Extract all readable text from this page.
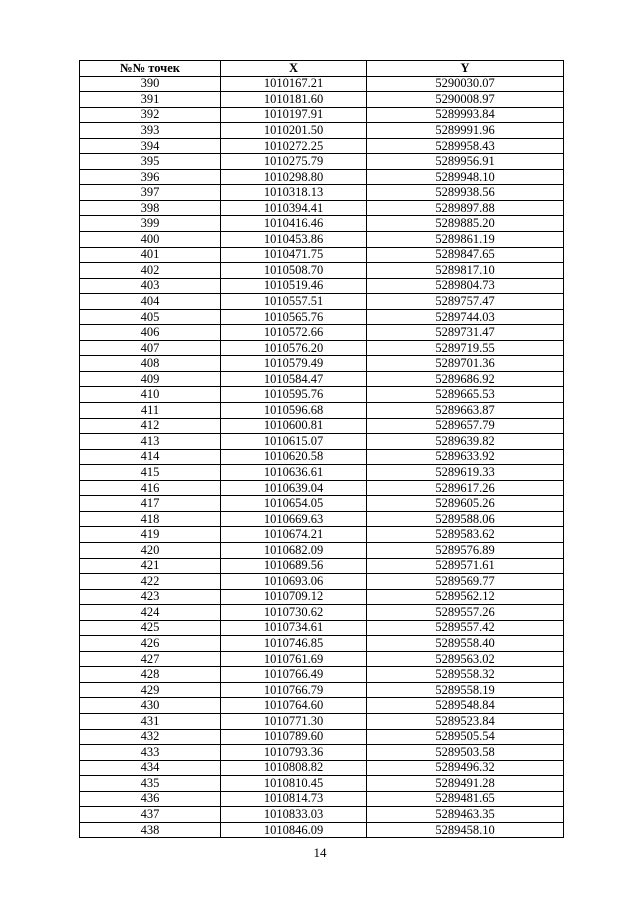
№№ точек	X	Y
390	1010167.21	5290030.07
391	1010181.60	5290008.97
392	1010197.91	5289993.84
393	1010201.50	5289991.96
394	1010272.25	5289958.43
395	1010275.79	5289956.91
396	1010298.80	5289948.10
397	1010318.13	5289938.56
398	1010394.41	5289897.88
399	1010416.46	5289885.20
400	1010453.86	5289861.19
401	1010471.75	5289847.65
402	1010508.70	5289817.10
403	1010519.46	5289804.73
404	1010557.51	5289757.47
405	1010565.76	5289744.03
406	1010572.66	5289731.47
407	1010576.20	5289719.55
408	1010579.49	5289701.36
409	1010584.47	5289686.92
410	1010595.76	5289665.53
411	1010596.68	5289663.87
412	1010600.81	5289657.79
413	1010615.07	5289639.82
414	1010620.58	5289633.92
415	1010636.61	5289619.33
416	1010639.04	5289617.26
417	1010654.05	5289605.26
418	1010669.63	5289588.06
419	1010674.21	5289583.62
420	1010682.09	5289576.89
421	1010689.56	5289571.61
422	1010693.06	5289569.77
423	1010709.12	5289562.12
424	1010730.62	5289557.26
425	1010734.61	5289557.42
426	1010746.85	5289558.40
427	1010761.69	5289563.02
428	1010766.49	5289558.32
429	1010766.79	5289558.19
430	1010764.60	5289548.84
431	1010771.30	5289523.84
432	1010789.60	5289505.54
433	1010793.36	5289503.58
434	1010808.82	5289496.32
435	1010810.45	5289491.28
436	1010814.73	5289481.65
437	1010833.03	5289463.35
438	1010846.09	5289458.10
14
